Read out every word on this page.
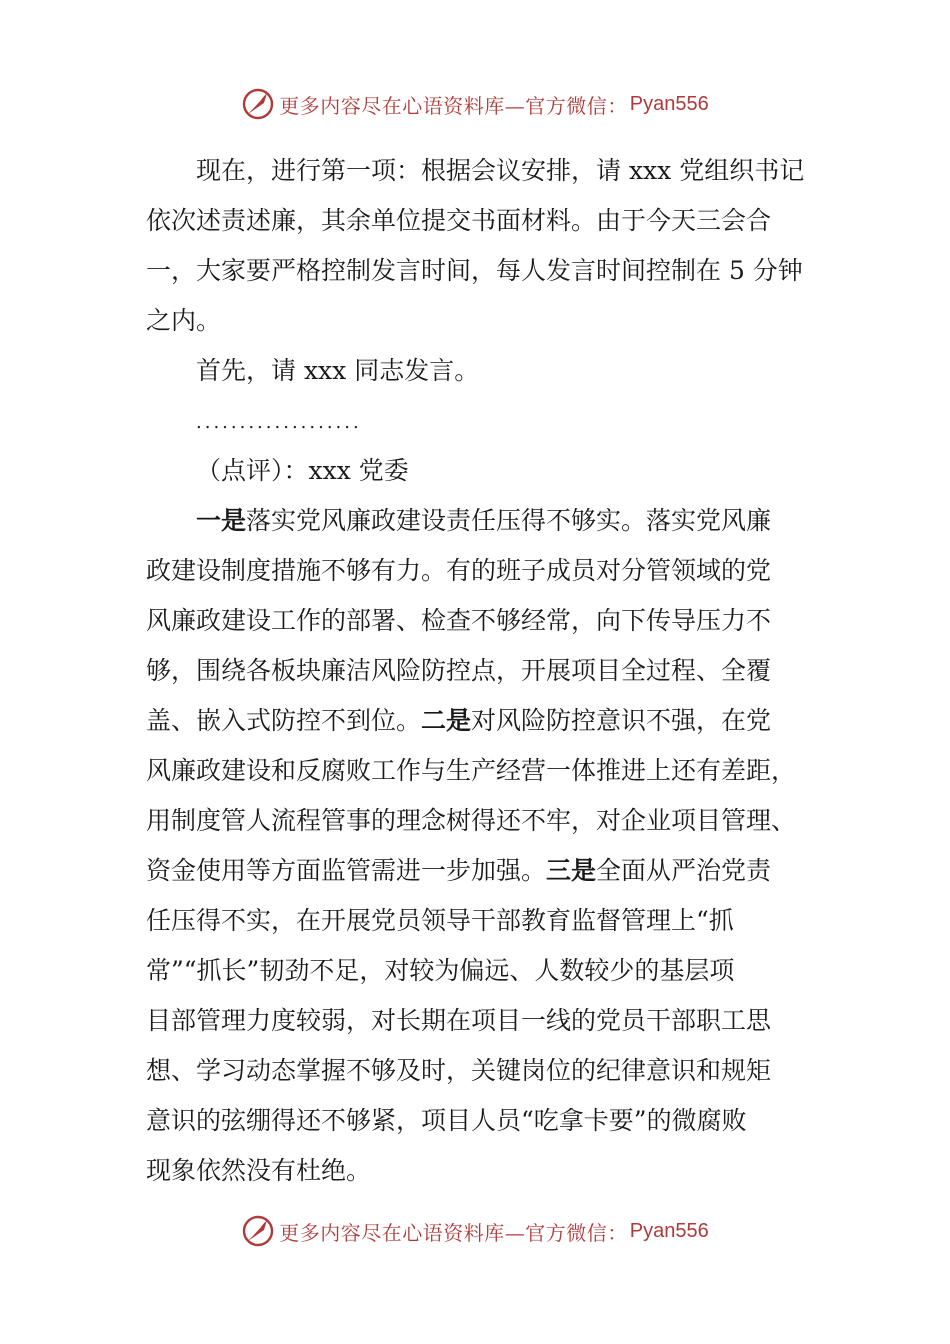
更多内容尽在心语资料库—官方微信： Pyan556
现在，进行第一项：根据会议安排，请 xxx 党组织书记
依次述责述廉，其余单位提交书面材料。由于今天三会合
一，大家要严格控制发言时间，每人发言时间控制在 5 分钟
之内。
首先，请 xxx 同志发言。
...................
（点评）：xxx 党委
一是落实党风廉政建设责任压得不够实。落实党风廉
政建设制度措施不够有力。有的班子成员对分管领域的党
风廉政建设工作的部署、检查不够经常，向下传导压力不
够，围绕各板块廉洁风险防控点，开展项目全过程、全覆
盖、嵌入式防控不到位。二是对风险防控意识不强，在党
风廉政建设和反腐败工作与生产经营一体推进上还有差距，
用制度管人流程管事的理念树得还不牢，对企业项目管理、
资金使用等方面监管需进一步加强。三是全面从严治党责
任压得不实，在开展党员领导干部教育监督管理上“抓
常”“抓长”韧劲不足，对较为偏远、人数较少的基层项
目部管理力度较弱，对长期在项目一线的党员干部职工思
想、学习动态掌握不够及时，关键岗位的纪律意识和规矩
意识的弦绷得还不够紧，项目人员“吃拿卡要”的微腐败
现象依然没有杜绝。
更多内容尽在心语资料库—官方微信： Pyan556
